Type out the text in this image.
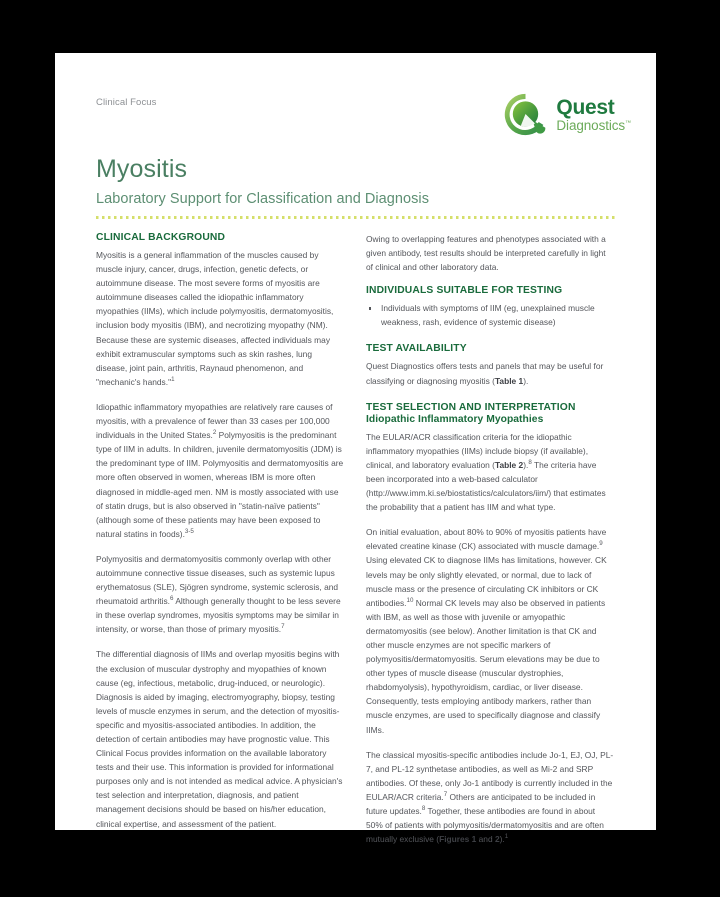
Clinical Focus	Quest
Diagnostics™
Myositis
Laboratory Support for Classification and Diagnosis
CLINICAL BACKGROUND

Myositis is a general inflammation of the muscles caused by muscle injury, cancer, drugs, infection, genetic defects, or autoimmune disease. The most severe forms of myositis are autoimmune diseases called the idiopathic inflammatory myopathies (IIMs), which include polymyositis, dermatomyositis, inclusion body myositis (IBM), and necrotizing myopathy (NM). Because these are systemic diseases, affected individuals may exhibit extramuscular symptoms such as skin rashes, lung disease, joint pain, arthritis, Raynaud phenomenon, and "mechanic's hands."$^1$

Idiopathic inflammatory myopathies are relatively rare causes of myositis, with a prevalence of fewer than 33 cases per 100,000 individuals in the United States.$^2$ Polymyositis is the predominant type of IIM in adults. In children, juvenile dermatomyositis (JDM) is the predominant type of IIM. Polymyositis and dermatomyositis are more often observed in women, whereas IBM is more often diagnosed in middle-aged men. NM is mostly associated with use of statin drugs, but is also observed in "statin-naïve patients" (although some of these patients may have been exposed to natural statins in foods).$^{3-5}$

Polymyositis and dermatomyositis commonly overlap with other autoimmune connective tissue diseases, such as systemic lupus erythematosus (SLE), Sjögren syndrome, systemic sclerosis, and rheumatoid arthritis.$^6$ Although generally thought to be less severe in these overlap syndromes, myositis symptoms may be similar in intensity, or worse, than those of primary myositis.$^7$

The differential diagnosis of IIMs and overlap myositis begins with the exclusion of muscular dystrophy and myopathies of known cause (eg, infectious, metabolic, drug-induced, or neurologic). Diagnosis is aided by imaging, electromyography, biopsy, testing levels of muscle enzymes in serum, and the detection of myositis-specific and myositis-associated antibodies. In addition, the detection of certain antibodies may have prognostic value. This Clinical Focus provides information on the available laboratory tests and their use. This information is provided for informational purposes only and is not intended as medical advice. A physician's test selection and interpretation, diagnosis, and patient management decisions should be based on his/her education, clinical expertise, and assessment of the patient.

Owing to overlapping features and phenotypes associated with a given antibody, test results should be interpreted carefully in light of clinical and other laboratory data.

INDIVIDUALS SUITABLE FOR TESTING
Individuals with symptoms of IIM (eg, unexplained muscle weakness, rash, evidence of systemic disease)
TEST AVAILABILITY

Quest Diagnostics offers tests and panels that may be useful for classifying or diagnosing myositis (Table 1).

TEST SELECTION AND INTERPRETATION
Idiopathic Inflammatory Myopathies

The EULAR/ACR classification criteria for the idiopathic inflammatory myopathies (IIMs) include biopsy (if available), clinical, and laboratory evaluation (Table 2).$^8$ The criteria have been incorporated into a web-based calculator (http://www.imm.ki.se/biostatistics/calculators/iim/) that estimates the probability that a patient has IIM and what type.

On initial evaluation, about 80% to 90% of myositis patients have elevated creatine kinase (CK) associated with muscle damage.$^9$ Using elevated CK to diagnose IIMs has limitations, however. CK levels may be only slightly elevated, or normal, due to lack of muscle mass or the presence of circulating CK inhibitors or CK antibodies.$^{10}$ Normal CK levels may also be observed in patients with IBM, as well as those with juvenile or amyopathic dermatomyositis (see below). Another limitation is that CK and other muscle enzymes are not specific markers of polymyositis/dermatomyositis. Serum elevations may be due to other types of muscle disease (muscular dystrophies, rhabdomyolysis), hypothyroidism, cardiac, or liver disease. Consequently, tests employing antibody markers, rather than muscle enzymes, are used to specifically diagnose and classify IIMs.

The classical myositis-specific antibodies include Jo-1, EJ, OJ, PL-7, and PL-12 synthetase antibodies, as well as Mi-2 and SRP antibodies. Of these, only Jo-1 antibody is currently included in the EULAR/ACR criteria.$^7$ Others are anticipated to be included in future updates.$^8$ Together, these antibodies are found in about 50% of patients with polymyositis/dermatomyositis and are often mutually exclusive (Figures 1 and 2).$^1$
